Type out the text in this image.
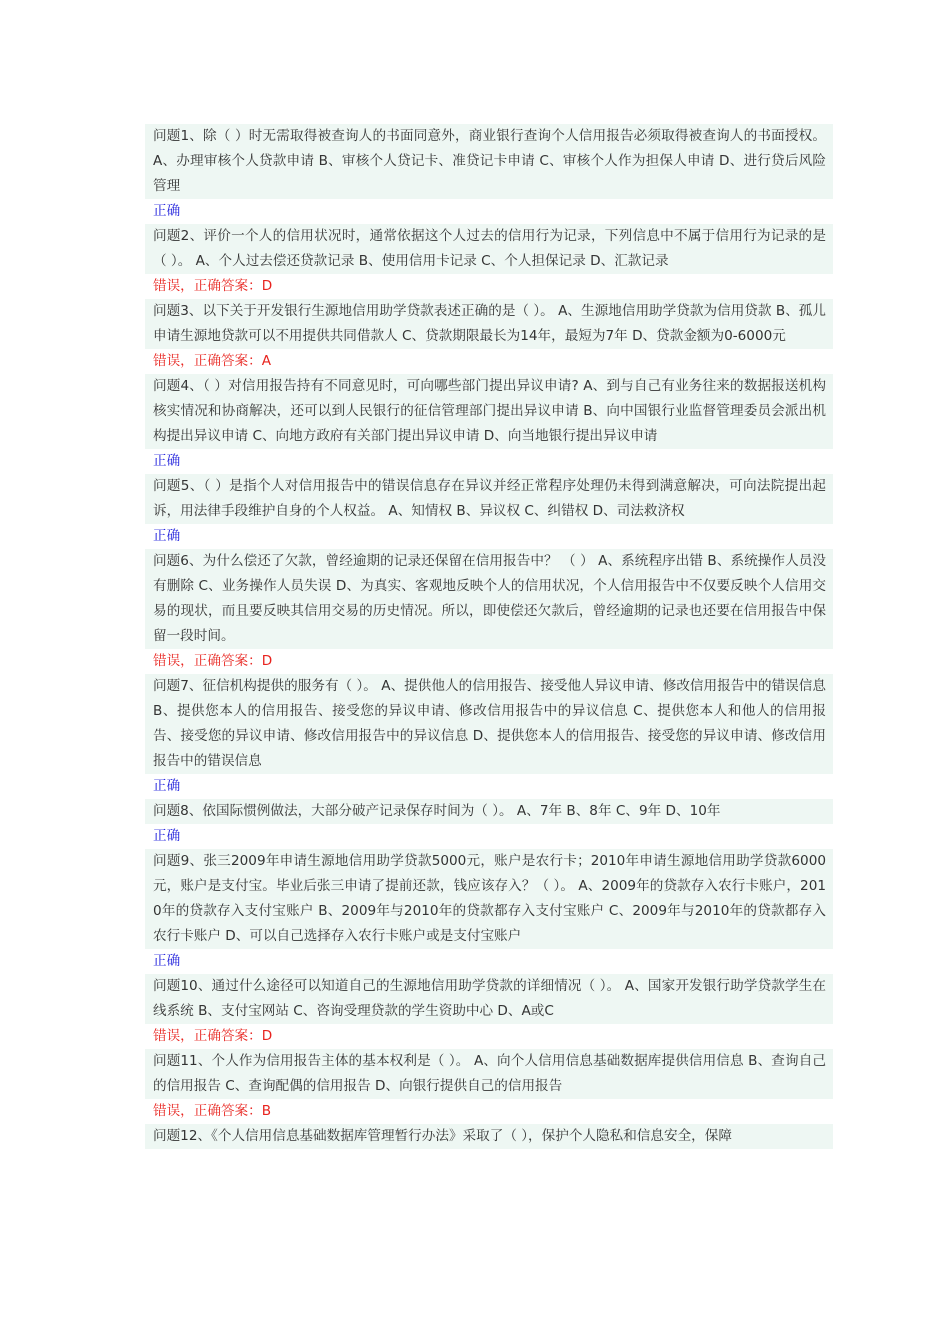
问题1、除（ ）时无需取得被查询人的书面同意外，商业银行查询个人信用报告必须取得被查询人的书面授权。 A、办理审核个人贷款申请 B、审核个人贷记卡、准贷记卡申请 C、审核个人作为担保人申请 D、进行贷后风险管理
正确
问题2、评价一个人的信用状况时，通常依据这个人过去的信用行为记录，下列信息中不属于信用行为记录的是（ ）。 A、个人过去偿还贷款记录 B、使用信用卡记录 C、个人担保记录 D、汇款记录
错误，正确答案：D
问题3、以下关于开发银行生源地信用助学贷款表述正确的是（ ）。 A、生源地信用助学贷款为信用贷款 B、孤儿申请生源地贷款可以不用提供共同借款人 C、贷款期限最长为14年，最短为7年 D、贷款金额为0-6000元
错误，正确答案：A
问题4、（ ）对信用报告持有不同意见时，可向哪些部门提出异议申请? A、到与自己有业务往来的数据报送机构核实情况和协商解决，还可以到人民银行的征信管理部门提出异议申请 B、向中国银行业监督管理委员会派出机构提出异议申请 C、向地方政府有关部门提出异议申请 D、向当地银行提出异议申请
正确
问题5、（ ）是指个人对信用报告中的错误信息存在异议并经正常程序处理仍未得到满意解决，可向法院提出起诉，用法律手段维护自身的个人权益。 A、知情权 B、异议权 C、纠错权 D、司法救济权
正确
问题6、为什么偿还了欠款，曾经逾期的记录还保留在信用报告中？ （ ） A、系统程序出错 B、系统操作人员没有删除 C、业务操作人员失误 D、为真实、客观地反映个人的信用状况，个人信用报告中不仅要反映个人信用交易的现状，而且要反映其信用交易的历史情况。所以，即使偿还欠款后，曾经逾期的记录也还要在信用报告中保留一段时间。
错误，正确答案：D
问题7、征信机构提供的服务有（ ）。 A、提供他人的信用报告、接受他人异议申请、修改信用报告中的错误信息 B、提供您本人的信用报告、接受您的异议申请、修改信用报告中的异议信息 C、提供您本人和他人的信用报告、接受您的异议申请、修改信用报告中的异议信息 D、提供您本人的信用报告、接受您的异议申请、修改信用报告中的错误信息
正确
问题8、依国际惯例做法，大部分破产记录保存时间为（ ）。 A、7年 B、8年 C、9年 D、10年
正确
问题9、张三2009年申请生源地信用助学贷款5000元，账户是农行卡；2010年申请生源地信用助学贷款6000元，账户是支付宝。毕业后张三申请了提前还款，钱应该存入？（ ）。 A、2009年的贷款存入农行卡账户，2010年的贷款存入支付宝账户 B、2009年与2010年的贷款都存入支付宝账户 C、2009年与2010年的贷款都存入农行卡账户 D、可以自己选择存入农行卡账户或是支付宝账户
正确
问题10、通过什么途径可以知道自己的生源地信用助学贷款的详细情况（ ）。 A、国家开发银行助学贷款学生在线系统 B、支付宝网站 C、咨询受理贷款的学生资助中心 D、A或C
错误，正确答案：D
问题11、个人作为信用报告主体的基本权利是（ ）。 A、向个人信用信息基础数据库提供信用信息 B、查询自己的信用报告 C、查询配偶的信用报告 D、向银行提供自己的信用报告
错误，正确答案：B
问题12、《个人信用信息基础数据库管理暂行办法》采取了（ ），保护个人隐私和信息安全，保障
